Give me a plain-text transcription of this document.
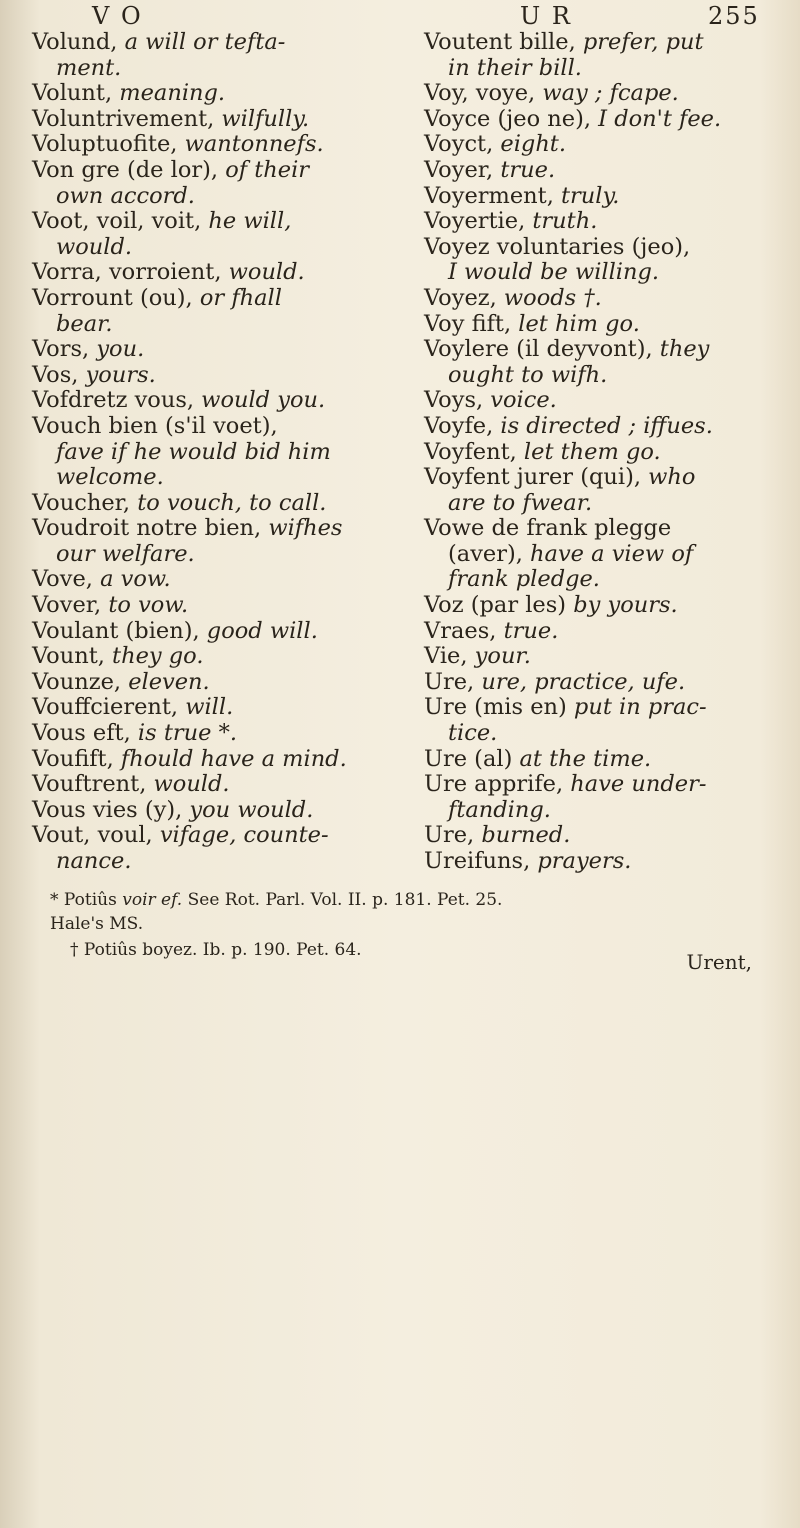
V O	U R	255
Volund, a will or tefta-
ment.
Volunt, meaning.
Voluntrivement, wilfully.
Voluptuofite, wantonnefs.
Von gre (de lor), of their
own accord.
Voot, voil, voit, he will,
would.
Vorra, vorroient, would.
Vorrount (ou), or fhall
bear.
Vors, you.
Vos, yours.
Vofdretz vous, would you.
Vouch bien (s'il voet),
fave if he would bid him
welcome.
Voucher, to vouch, to call.
Voudroit notre bien, wifhes
our welfare.
Vove, a vow.
Vover, to vow.
Voulant (bien), good will.
Vount, they go.
Vounze, eleven.
Vouffcierent, will.
Vous eft, is true *.
Voufift, fhould have a mind.
Vouftrent, would.
Vous vies (y), you would.
Vout, voul, vifage, counte-
nance.
Voutent bille, prefer, put
in their bill.
Voy, voye, way ; fcape.
Voyce (jeo ne), I don't fee.
Voyct, eight.
Voyer, true.
Voyerment, truly.
Voyertie, truth.
Voyez voluntaries (jeo),
I would be willing.
Voyez, woods †.
Voy fift, let him go.
Voylere (il deyvont), they
ought to wifh.
Voys, voice.
Voyfe, is directed ; iffues.
Voyfent, let them go.
Voyfent jurer (qui), who
are to fwear.
Vowe de frank plegge
(aver), have a view of
frank pledge.
Voz (par les) by yours.
Vraes, true.
Vie, your.
Ure, ure, practice, ufe.
Ure (mis en) put in prac-
tice.
Ure (al) at the time.
Ure apprife, have under-
ftanding.
Ure, burned.
Ureifuns, prayers.
* Potiûs voir ef. See Rot. Parl. Vol. II. p. 181. Pet. 25.
Hale's MS.
† Potiûs boyez. Ib. p. 190. Pet. 64.	Urent,
